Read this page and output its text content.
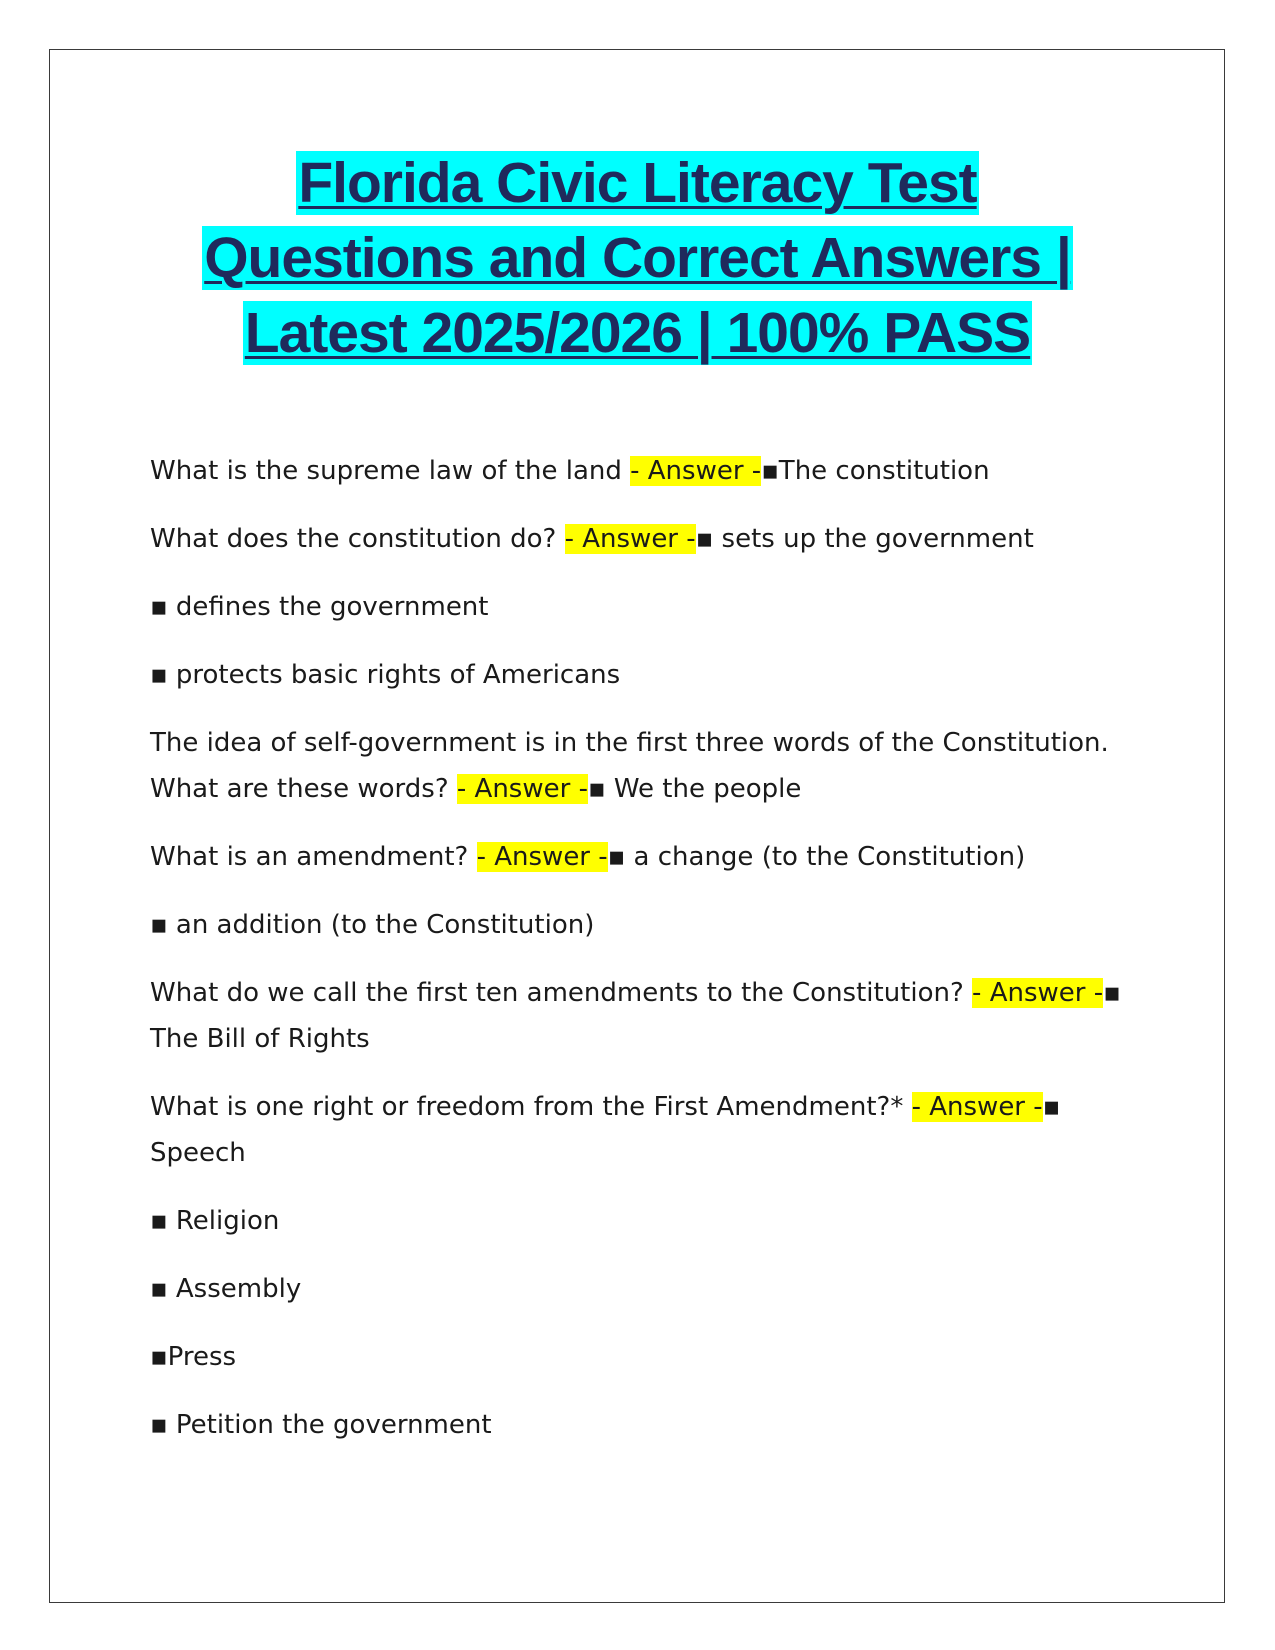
Florida Civic Literacy Test
Questions and Correct Answers |
Latest 2025/2026 | 100% PASS

What is the supreme law of the land - Answer -▪The constitution

What does the constitution do? - Answer -▪ sets up the government

▪ defines the government

▪ protects basic rights of Americans

The idea of self-government is in the first three words of the Constitution. What are these words? - Answer -▪ We the people

What is an amendment? - Answer -▪ a change (to the Constitution)

▪ an addition (to the Constitution)

What do we call the first ten amendments to the Constitution? - Answer -▪ The Bill of Rights

What is one right or freedom from the First Amendment?* - Answer -▪ Speech

▪ Religion

▪ Assembly

▪Press

▪ Petition the government
